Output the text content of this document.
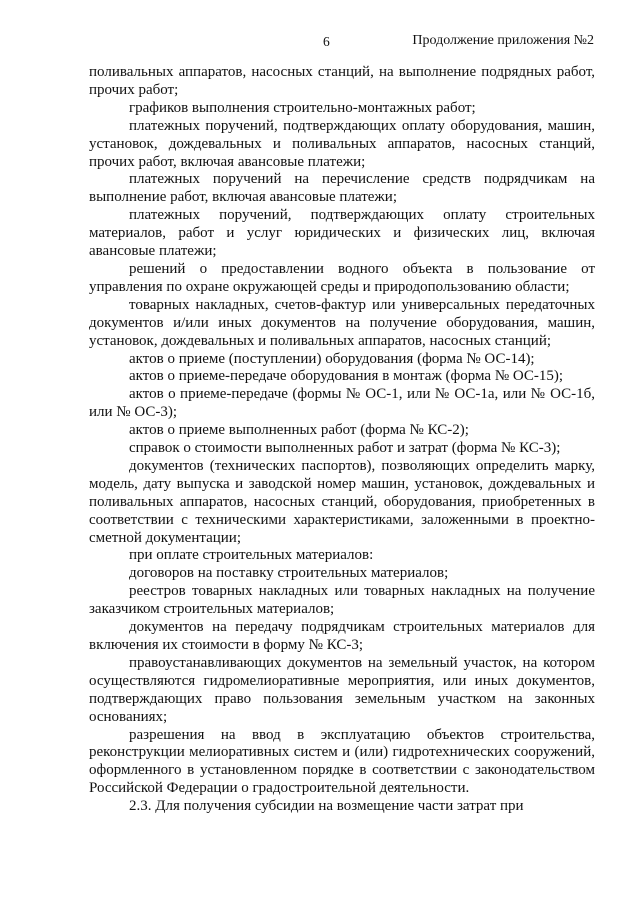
6	Продолжение приложения №2

поливальных аппаратов, насосных станций, на выполнение подрядных работ, прочих работ;

графиков выполнения строительно-монтажных работ;

платежных поручений, подтверждающих оплату оборудования, машин, установок, дождевальных и поливальных аппаратов, насосных станций, прочих работ, включая авансовые платежи;

платежных поручений на перечисление средств подрядчикам на выполнение работ, включая авансовые платежи;

платежных поручений, подтверждающих оплату строительных материалов, работ и услуг юридических и физических лиц, включая авансовые платежи;

решений о предоставлении водного объекта в пользование от управления по охране окружающей среды и природопользованию области;

товарных накладных, счетов-фактур или универсальных передаточных документов и/или иных документов на получение оборудования, машин, установок, дождевальных и поливальных аппаратов, насосных станций;

актов о приеме (поступлении) оборудования (форма № ОС-14);

актов о приеме-передаче оборудования в монтаж (форма № ОС-15);

актов о приеме-передаче (формы № ОС-1, или № ОС-1а, или № ОС-1б, или № ОС-3);

актов о приеме выполненных работ (форма № КС-2);

справок о стоимости выполненных работ и затрат (форма № КС-3);

документов (технических паспортов), позволяющих определить марку, модель, дату выпуска и заводской номер машин, установок, дождевальных и поливальных аппаратов, насосных станций, оборудования, приобретенных в соответствии с техническими характеристиками, заложенными в проектно-сметной документации;

при оплате строительных материалов:

договоров на поставку строительных материалов;

реестров товарных накладных или товарных накладных на получение заказчиком строительных материалов;

документов на передачу подрядчикам строительных материалов для включения их стоимости в форму № КС-3;

правоустанавливающих документов на земельный участок, на котором осуществляются гидромелиоративные мероприятия, или иных документов, подтверждающих право пользования земельным участком на законных основаниях;

разрешения на ввод в эксплуатацию объектов строительства, реконструкции мелиоративных систем и (или) гидротехнических сооружений, оформленного в установленном порядке в соответствии с законодательством Российской Федерации о градостроительной деятельности.

2.3. Для получения субсидии на возмещение части затрат при
